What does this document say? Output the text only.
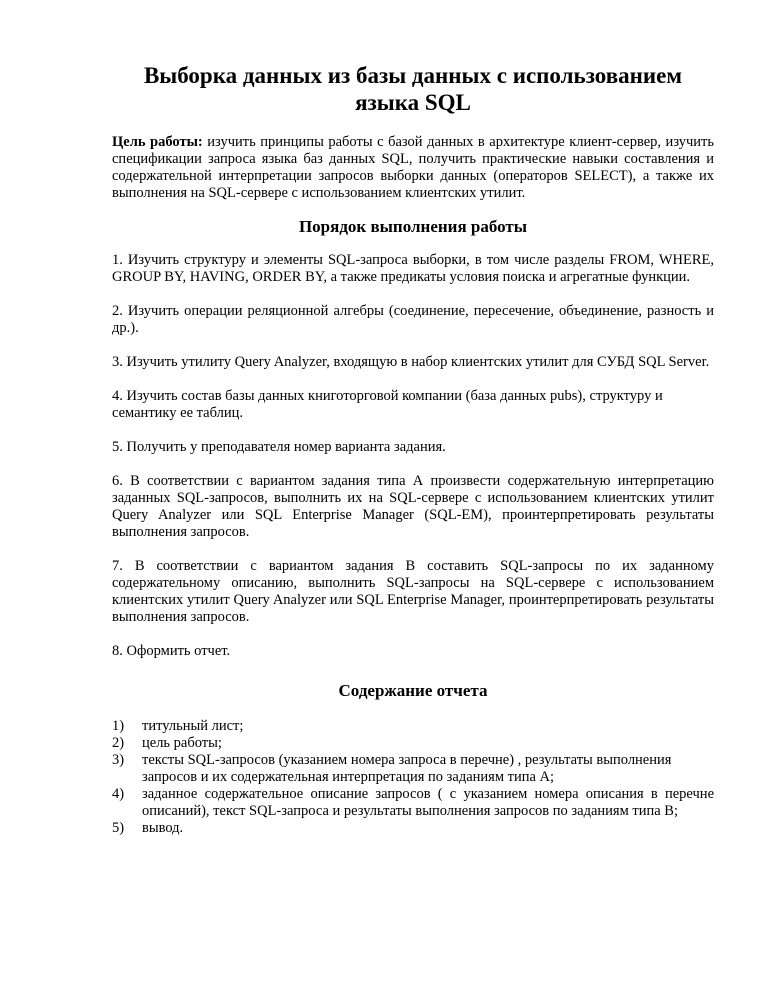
Выборка данных из базы данных с использованием языка SQL

Цель работы: изучить принципы работы с базой данных в архитектуре клиент-сервер, изучить спецификации запроса языка баз данных SQL, получить практические навыки составления и содержательной интерпретации запросов выборки данных (операторов SELECT), а также их выполнения на SQL-сервере с использованием клиентских утилит.

Порядок выполнения работы

1. Изучить структуру и элементы SQL-запроса выборки, в том числе разделы FROM, WHERE, GROUP BY, HAVING, ORDER BY, а также предикаты условия поиска и агрегатные функции.

2. Изучить операции реляционной алгебры (соединение, пересечение, объединение, разность и др.).

3. Изучить утилиту Query Analyzer, входящую в набор клиентских утилит для СУБД SQL Server.

4. Изучить состав базы данных книготорговой компании (база данных pubs), структуру и семантику ее таблиц.

5. Получить у преподавателя номер варианта задания.

6. В соответствии с вариантом задания типа А произвести содержательную интерпретацию заданных SQL-запросов, выполнить их на SQL-сервере с использованием клиентских утилит Query Analyzer или SQL Enterprise Manager (SQL-EM), проинтерпретировать результаты выполнения запросов.

7. В соответствии с вариантом задания В составить SQL-запросы по их заданному содержательному описанию, выполнить SQL-запросы на SQL-сервере с использованием клиентских утилит Query Analyzer или SQL Enterprise Manager, проинтерпретировать результаты выполнения запросов.

8. Оформить отчет.

Содержание отчета
1)	титульный лист;
2)	цель работы;
3)	тексты SQL-запросов (указанием номера запроса в перечне) , результаты выполнения запросов и их содержательная интерпретация по заданиям типа А;
4)	заданное содержательное описание запросов ( с указанием номера описания в перечне описаний), текст SQL-запроса и результаты выполнения запросов по заданиям типа В;
5)	вывод.
